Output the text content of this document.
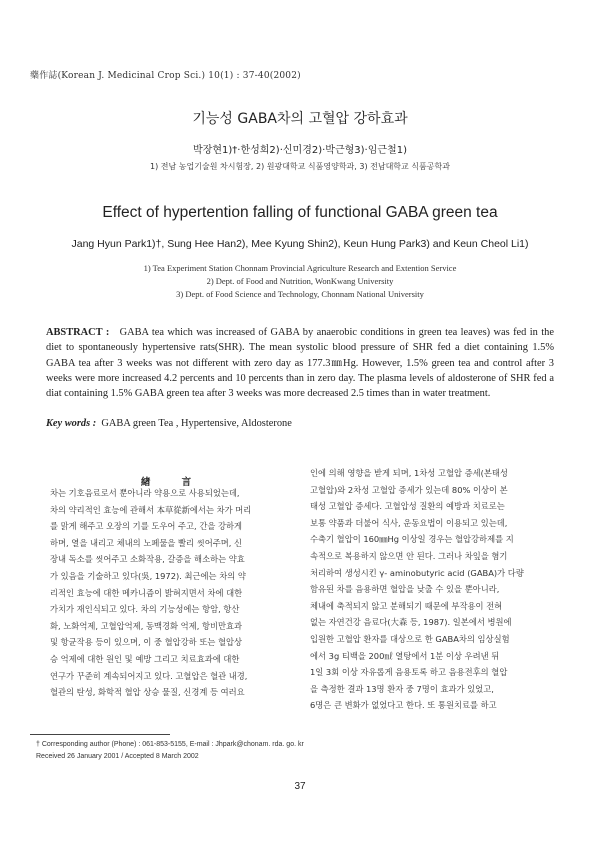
藥作誌(Korean J. Medicinal Crop Sci.) 10(1) : 37-40(2002)
기능성 GABA차의 고혈압 강하효과
박장현1)†·한성희2)·신미경2)·박근형3)·임근철1)
1) 전남 농업기술원 차시험장, 2) 원광대학교 식품영양학과, 3) 전남대학교 식품공학과
Effect of hypertention falling of functional GABA green tea
Jang Hyun Park1)†, Sung Hee Han2), Mee Kyung Shin2), Keun Hung Park3) and Keun Cheol Li1)
1) Tea Experiment Station Chonnam Provincial Agriculture Research and Extention Service
2) Dept. of Food and Nutrition, WonKwang University
3) Dept. of Food Science and Technology, Chonnam National University
ABSTRACT : GABA tea which was increased of GABA by anaerobic conditions in green tea leaves) was fed in the diet to spontaneously hypertensive rats(SHR). The mean systolic blood pressure of SHR fed a diet containing 1.5% GABA tea after 3 weeks was not different with zero day as 177.3㎜Hg. However, 1.5% green tea and control after 3 weeks were more increased 4.2 percents and 10 percents than in zero day. The plasma levels of aldosterone of SHR fed a diat containing 1.5% GABA green tea after 3 weeks was more decreased 2.5 times than in water treatment.
Key words : GABA green Tea , Hypertensive, Aldosterone
緖 言
차는 기호음료로서 뿐아니라 약용으로 사용되었는데,
차의 약리적인 효능에 관해서 本草從新에서는 차가 머리
를 맑게 해주고 오장의 기를 도우어 주고, 간을 강하게
하며, 열을 내리고 체내의 노페물을 빨리 씻어주며, 신
장내 독소를 씻어주고 소화작용, 갈증을 해소하는 약효
가 있음을 기술하고 있다(吳, 1972). 최근에는 차의 약
리적인 효능에 대한 메카니즘이 밝혀지면서 차에 대한
가치가 재인식되고 있다. 차의 기능성에는 항암, 항산
화, 노화억제, 고혈압억제, 동맥경화 억제, 항비만효과
및 항균작용 등이 있으며, 이 중 혈압강하 또는 혈압상
승 억제에 대한 원인 및 예방 그리고 치료효과에 대한
연구가 꾸준히 계속되어지고 있다. 고혈압은 혈관 내경,
혈관의 탄성, 화학적 혈압 상승 물질, 신경계 등 여러요
인에 의해 영향을 받게 되며, 1차성 고혈압 증세(본태성
고혈압)와 2차성 고혈압 증세가 있는데 80% 이상이 본
태성 고혈압 증세다. 고혈압성 질환의 예방과 치료로는
보통 약품과 더불어 식사, 운동요법이 이용되고 있는데,
수축기 혈압이 160㎜Hg 이상일 경우는 혈압강하제를 지
속적으로 복용하지 않으면 안 된다. 그러나 차잎을 혐기
처리하여 생성시킨 γ- aminobutyric acid (GABA)가 다량
함유된 차를 음용하면 혈압을 낮출 수 있을 뿐아니라,
체내에 축적되지 않고 분해되기 때문에 부작용이 전혀
없는 자연건강 음료다(大森 등, 1987). 일본에서 병원에
입원한 고혈압 환자를 대상으로 한 GABA차의 임상실험
에서 3g 티백을 200㎖ 열탕에서 1분 이상 우려낸 뒤
1일 3회 이상 자유롭게 음용토록 하고 음용전후의 혈압
을 측정한 결과 13명 환자 중 7명이 효과가 있었고,
6명은 큰 변화가 없었다고 한다. 또 통원치료를 하고
† Corresponding author (Phone) : 061-853-5155, E-mail : Jhpark@chonam. rda. go. kr
Received 26 January 2001 / Accepted 8 March 2002
37
